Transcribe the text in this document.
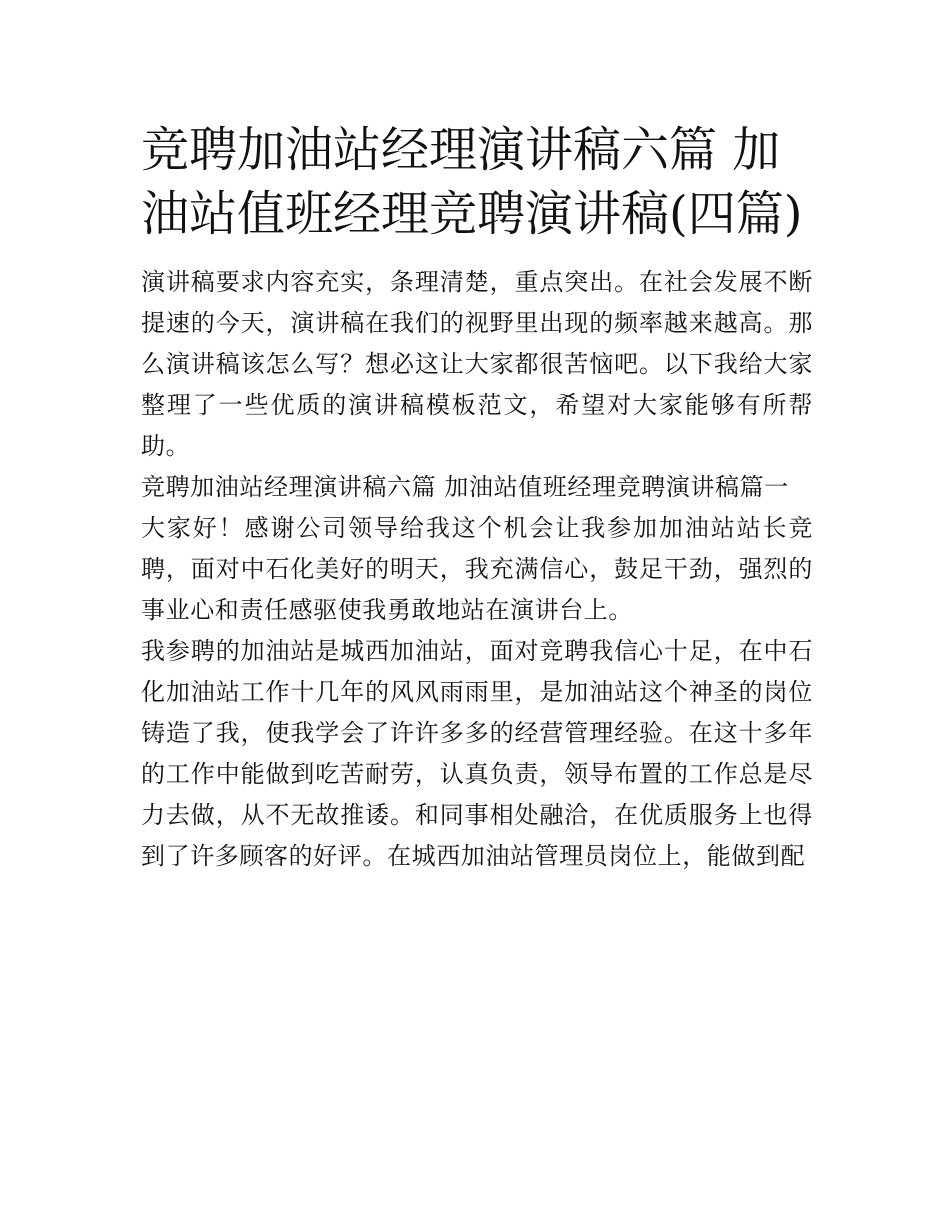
竞聘加油站经理演讲稿六篇 加油站值班经理竞聘演讲稿(四篇)

演讲稿要求内容充实，条理清楚，重点突出。在社会发展不断提速的今天，演讲稿在我们的视野里出现的频率越来越高。那么演讲稿该怎么写？想必这让大家都很苦恼吧。以下我给大家整理了一些优质的演讲稿模板范文，希望对大家能够有所帮助。

竞聘加油站经理演讲稿六篇 加油站值班经理竞聘演讲稿篇一

大家好！感谢公司领导给我这个机会让我参加加油站站长竞聘，面对中石化美好的明天，我充满信心，鼓足干劲，强烈的事业心和责任感驱使我勇敢地站在演讲台上。

我参聘的加油站是城西加油站，面对竞聘我信心十足，在中石化加油站工作十几年的风风雨雨里，是加油站这个神圣的岗位铸造了我，使我学会了许许多多的经营管理经验。在这十多年的工作中能做到吃苦耐劳，认真负责，领导布置的工作总是尽力去做，从不无故推诿。和同事相处融洽，在优质服务上也得到了许多顾客的好评。在城西加油站管理员岗位上，能做到配
